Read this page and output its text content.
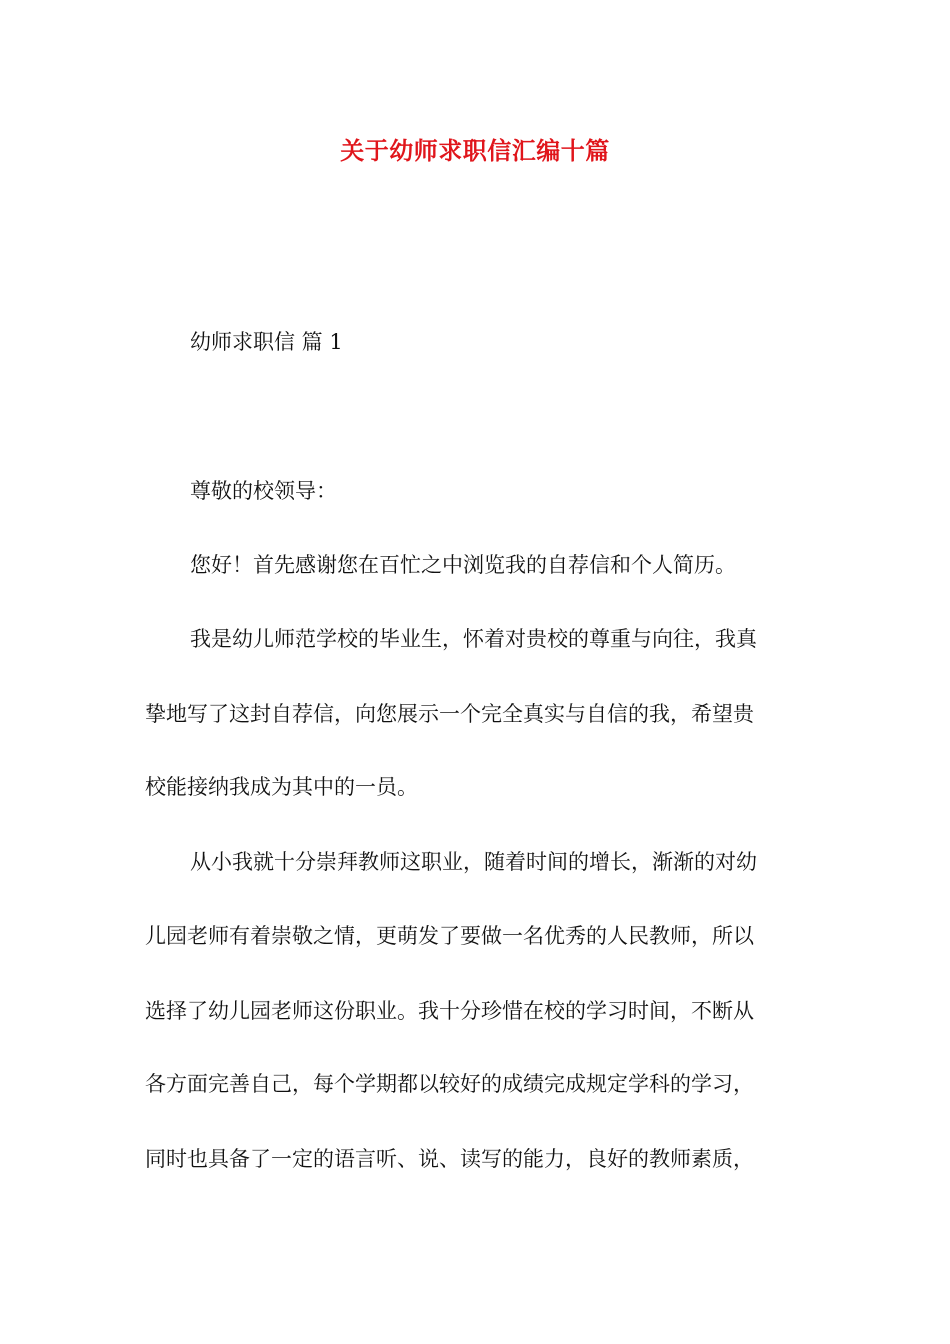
关于幼师求职信汇编十篇
幼师求职信 篇 1
尊敬的校领导：
您好！首先感谢您在百忙之中浏览我的自荐信和个人简历。
我是幼儿师范学校的毕业生，怀着对贵校的尊重与向往，我真
挚地写了这封自荐信，向您展示一个完全真实与自信的我，希望贵
校能接纳我成为其中的一员。
从小我就十分崇拜教师这职业，随着时间的增长，渐渐的对幼
儿园老师有着崇敬之情，更萌发了要做一名优秀的人民教师，所以
选择了幼儿园老师这份职业。我十分珍惜在校的学习时间，不断从
各方面完善自己，每个学期都以较好的成绩完成规定学科的学习，
同时也具备了一定的语言听、说、读写的能力，良好的教师素质，
